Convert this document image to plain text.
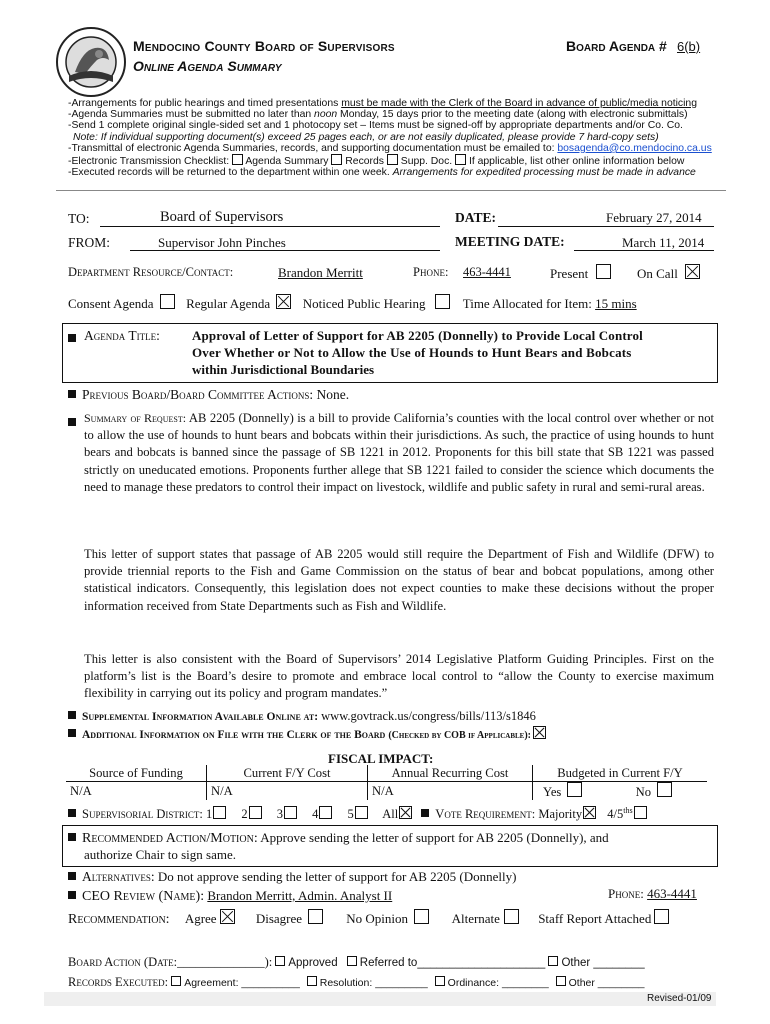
Mendocino County Board of Supervisors
Online Agenda Summary
Board Agenda # 6(b)
-Arrangements for public hearings and timed presentations must be made with the Clerk of the Board in advance of public/media noticing
-Agenda Summaries must be submitted no later than noon Monday, 15 days prior to the meeting date (along with electronic submittals)
-Send 1 complete original single-sided set and 1 photocopy set – Items must be signed-off by appropriate departments and/or Co. Co.
Note: If individual supporting document(s) exceed 25 pages each, or are not easily duplicated, please provide 7 hard-copy sets)
-Transmittal of electronic Agenda Summaries, records, and supporting documentation must be emailed to: bosagenda@co.mendocino.ca.us
-Electronic Transmission Checklist:  Agenda Summary Records Supp. Doc. If applicable, list other online information below
-Executed records will be returned to the department within one week. Arrangements for expedited processing must be made in advance
TO:	Board of Supervisors	DATE:	February 27, 2014
FROM:	Supervisor John Pinches	MEETING DATE:	March 11, 2014
Department Resource/Contact:	Brandon Merritt	Phone: 463-4441	Present	On Call
Consent Agenda	Regular Agenda	Noticed Public Hearing	Time Allocated for Item: 15 mins
Agenda Title: Approval of Letter of Support for AB 2205 (Donnelly) to Provide Local Control
Over Whether or Not to Allow the Use of Hounds to Hunt Bears and Bobcats
within Jurisdictional Boundaries
Previous Board/Board Committee Actions: None.
Summary of Request: AB 2205 (Donnelly) is a bill to provide California’s counties with the local control over whether or not to allow the use of hounds to hunt bears and bobcats within their jurisdictions. As such, the practice of using hounds to hunt bears and bobcats is banned since the passage of SB 1221 in 2012. Proponents for this bill state that SB 1221 was passed strictly on uneducated emotions. Proponents further allege that SB 1221 failed to consider the science which documents the need to manage these predators to control their impact on livestock, wildlife and public safety in rural and semi-rural areas.
This letter of support states that passage of AB 2205 would still require the Department of Fish and Wildlife (DFW) to provide triennial reports to the Fish and Game Commission on the status of bear and bobcat populations, among other statistical indicators. Consequently, this legislation does not expect counties to make these decisions without the proper information received from State Departments such as Fish and Wildlife.
This letter is also consistent with the Board of Supervisors’ 2014 Legislative Platform Guiding Principles. First on the platform’s list is the Board’s desire to promote and embrace local control to “allow the County to exercise maximum flexibility in carrying out its policy and program mandates.”
Supplemental Information Available Online at: www.govtrack.us/congress/bills/113/s1846
Additional Information on File with the Clerk of the Board (Checked by COB if Applicable):
FISCAL IMPACT:
Source of Funding	Current F/Y Cost	Annual Recurring Cost	Budgeted in Current F/Y
N/A	N/A	N/A	Yes No
Supervisorial District: 1 2 3 4 5 All	Vote Requirement: Majority $4/5^{ths}$
Recommended Action/Motion: Approve sending the letter of support for AB 2205 (Donnelly), and
authorize Chair to sign same.
Alternatives: Do not approve sending the letter of support for AB 2205 (Donnelly)
CEO Review (Name): Brandon Merritt, Admin. Analyst II	Phone: 463-4441
Recommendation: Agree	Disagree	No Opinion	Alternate	Staff Report Attached
Board Action (Date:______________): Approved Referred to____________________ Other ________
Records Executed: Agreement: __________ Resolution: _________ Ordinance: ________ Other ________
Revised-01/09
